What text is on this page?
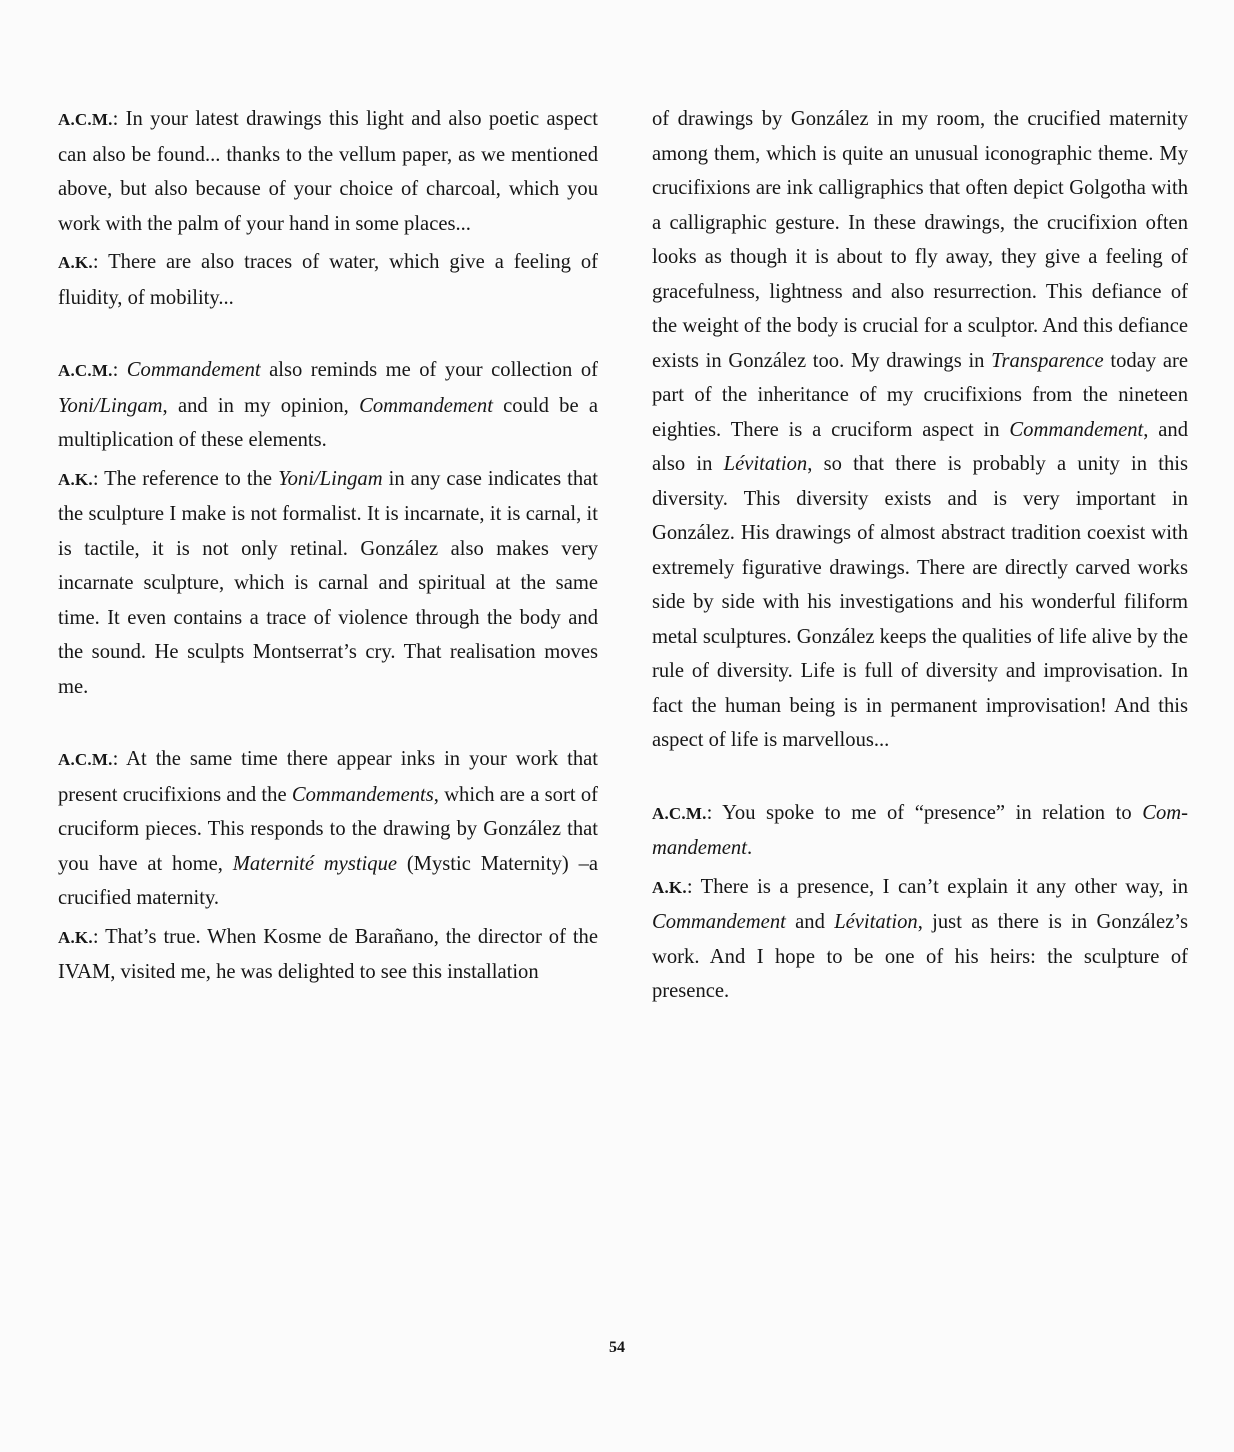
A.C.M.: In your latest drawings this light and also poetic aspect can also be found... thanks to the vellum paper, as we mentioned above, but also because of your choice of charcoal, which you work with the palm of your hand in some places...

A.K.: There are also traces of water, which give a feeling of fluidity, of mobility...

A.C.M.: Commandement also reminds me of your collection of Yoni/Lingam, and in my opinion, Commandement could be a multiplication of these elements.

A.K.: The reference to the Yoni/Lingam in any case indicates that the sculpture I make is not formalist. It is incarnate, it is carnal, it is tactile, it is not only retinal. González also makes very incarnate sculpture, which is carnal and spiritual at the same time. It even contains a trace of violence through the body and the sound. He sculpts Montserrat’s cry. That realisation moves me.

A.C.M.: At the same time there appear inks in your work that present crucifixions and the Commandements, which are a sort of cruciform pieces. This responds to the drawing by González that you have at home, Maternité mystique (Mystic Maternity) –a crucified maternity.

A.K.: That’s true. When Kosme de Barañano, the director of the IVAM, visited me, he was delighted to see this installation

of drawings by González in my room, the crucified maternity among them, which is quite an unusual iconographic theme. My crucifixions are ink calligraphics that often depict Golgotha with a calligraphic gesture. In these drawings, the crucifixion often looks as though it is about to fly away, they give a feeling of gracefulness, lightness and also resurrection. This defiance of the weight of the body is crucial for a sculptor. And this defiance exists in González too. My drawings in Transparence today are part of the inheritance of my crucifixions from the nineteen eighties. There is a cruciform aspect in Commandement, and also in Lévitation, so that there is probably a unity in this diversity. This diversity exists and is very important in González. His drawings of almost abstract tradition coexist with extremely figurative drawings. There are directly carved works side by side with his investigations and his wonderful filiform metal sculptures. González keeps the qualities of life alive by the rule of diversity. Life is full of diversity and improvisation. In fact the human being is in permanent improvisation! And this aspect of life is marvellous...

A.C.M.: You spoke to me of “presence” in relation to Commandement.

A.K.: There is a presence, I can’t explain it any other way, in Commandement and Lévitation, just as there is in González’s work. And I hope to be one of his heirs: the sculpture of presence.

54
